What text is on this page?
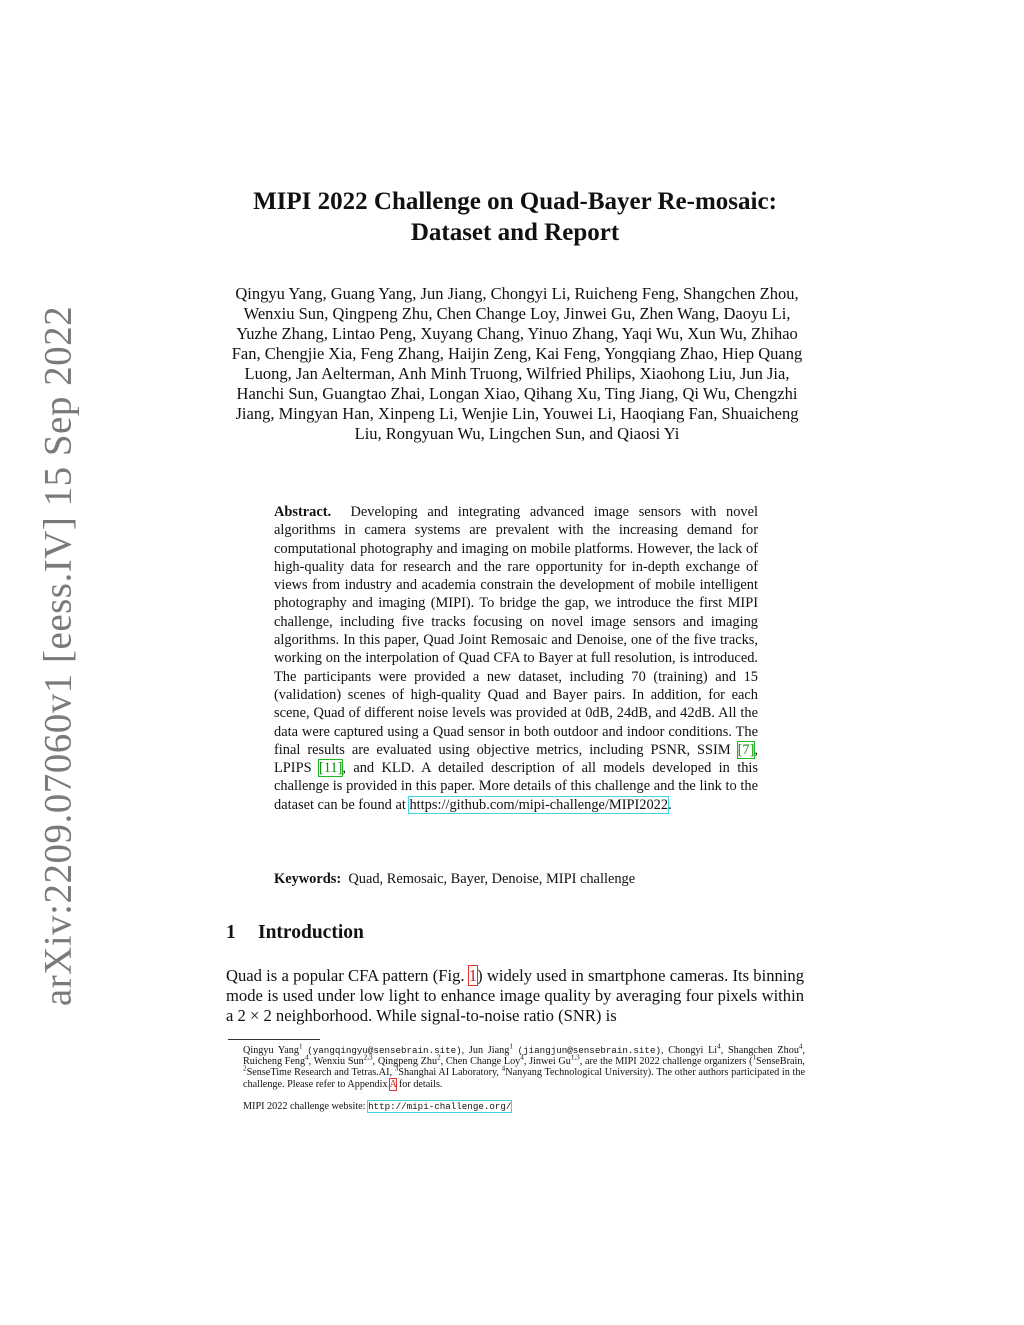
arXiv:2209.07060v1 [eess.IV] 15 Sep 2022
MIPI 2022 Challenge on Quad-Bayer Re-mosaic:
Dataset and Report
Qingyu Yang, Guang Yang, Jun Jiang, Chongyi Li, Ruicheng Feng, Shangchen Zhou, Wenxiu Sun, Qingpeng Zhu, Chen Change Loy, Jinwei Gu, Zhen Wang, Daoyu Li, Yuzhe Zhang, Lintao Peng, Xuyang Chang, Yinuo Zhang, Yaqi Wu, Xun Wu, Zhihao Fan, Chengjie Xia, Feng Zhang, Haijin Zeng, Kai Feng, Yongqiang Zhao, Hiep Quang Luong, Jan Aelterman, Anh Minh Truong, Wilfried Philips, Xiaohong Liu, Jun Jia, Hanchi Sun, Guangtao Zhai, Longan Xiao, Qihang Xu, Ting Jiang, Qi Wu, Chengzhi Jiang, Mingyan Han, Xinpeng Li, Wenjie Lin, Youwei Li, Haoqiang Fan, Shuaicheng Liu, Rongyuan Wu, Lingchen Sun, and Qiaosi Yi
Abstract. Developing and integrating advanced image sensors with novel algorithms in camera systems are prevalent with the increasing demand for computational photography and imaging on mobile platforms. However, the lack of high-quality data for research and the rare opportunity for in-depth exchange of views from industry and academia constrain the development of mobile intelligent photography and imaging (MIPI). To bridge the gap, we introduce the first MIPI challenge, including five tracks focusing on novel image sensors and imaging algorithms. In this paper, Quad Joint Remosaic and Denoise, one of the five tracks, working on the interpolation of Quad CFA to Bayer at full resolution, is introduced. The participants were provided a new dataset, including 70 (training) and 15 (validation) scenes of high-quality Quad and Bayer pairs. In addition, for each scene, Quad of different noise levels was provided at 0dB, 24dB, and 42dB. All the data were captured using a Quad sensor in both outdoor and indoor conditions. The final results are evaluated using objective metrics, including PSNR, SSIM [7], LPIPS [11], and KLD. A detailed description of all models developed in this challenge is provided in this paper. More details of this challenge and the link to the dataset can be found at https://github.com/mipi-challenge/MIPI2022.
Keywords: Quad, Remosaic, Bayer, Denoise, MIPI challenge
1 Introduction
Quad is a popular CFA pattern (Fig. 1) widely used in smartphone cameras. Its binning mode is used under low light to enhance image quality by averaging four pixels within a 2 × 2 neighborhood. While signal-to-noise ratio (SNR) is
Qingyu Yang$^1$ (yangqingyu@sensebrain.site), Jun Jiang$^1$ (jiangjun@sensebrain.site), Chongyi Li$^4$, Shangchen Zhou$^4$, Ruicheng Feng$^4$, Wenxiu Sun$^{2,3}$, Qingpeng Zhu$^2$, Chen Change Loy$^4$, Jinwei Gu$^{1,3}$, are the MIPI 2022 challenge organizers ($^1$SenseBrain, $^2$SenseTime Research and Tetras.AI, $^3$Shanghai AI Laboratory, $^4$Nanyang Technological University). The other authors participated in the challenge. Please refer to Appendix A for details.
MIPI 2022 challenge website: http://mipi-challenge.org/
